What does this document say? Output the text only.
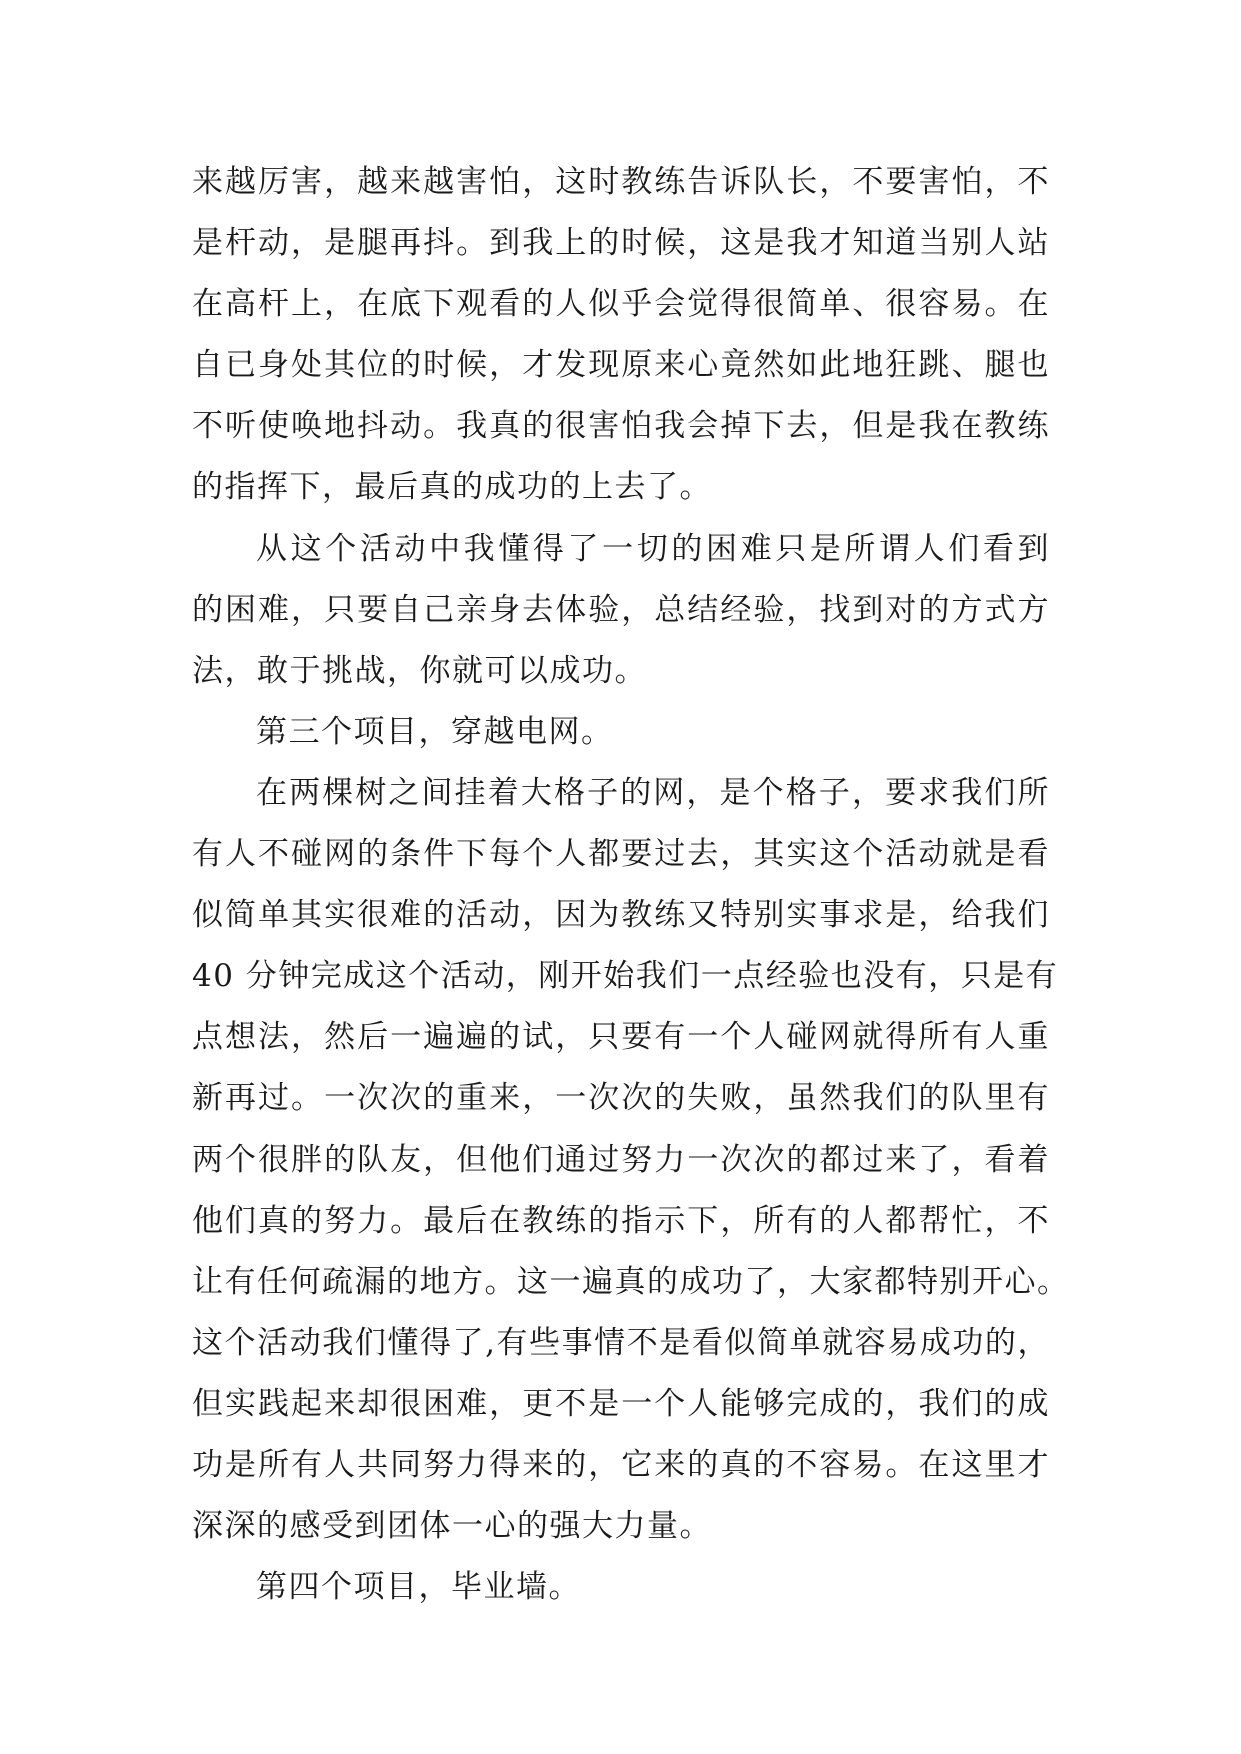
来越厉害，越来越害怕，这时教练告诉队长，不要害怕，不
是杆动，是腿再抖。到我上的时候，这是我才知道当别人站
在高杆上，在底下观看的人似乎会觉得很简单、很容易。在
自已身处其位的时候，才发现原来心竟然如此地狂跳、腿也
不听使唤地抖动。我真的很害怕我会掉下去，但是我在教练
的指挥下，最后真的成功的上去了。
从这个活动中我懂得了一切的困难只是所谓人们看到
的困难，只要自己亲身去体验，总结经验，找到对的方式方
法，敢于挑战，你就可以成功。
第三个项目，穿越电网。
在两棵树之间挂着大格子的网，是个格子，要求我们所
有人不碰网的条件下每个人都要过去，其实这个活动就是看
似简单其实很难的活动，因为教练又特别实事求是，给我们
40 分钟完成这个活动，刚开始我们一点经验也没有，只是有
点想法，然后一遍遍的试，只要有一个人碰网就得所有人重
新再过。一次次的重来，一次次的失败，虽然我们的队里有
两个很胖的队友，但他们通过努力一次次的都过来了，看着
他们真的努力。最后在教练的指示下，所有的人都帮忙，不
让有任何疏漏的地方。这一遍真的成功了，大家都特别开心。
这个活动我们懂得了,有些事情不是看似简单就容易成功的，
但实践起来却很困难，更不是一个人能够完成的，我们的成
功是所有人共同努力得来的，它来的真的不容易。在这里才
深深的感受到团体一心的强大力量。
第四个项目，毕业墙。
